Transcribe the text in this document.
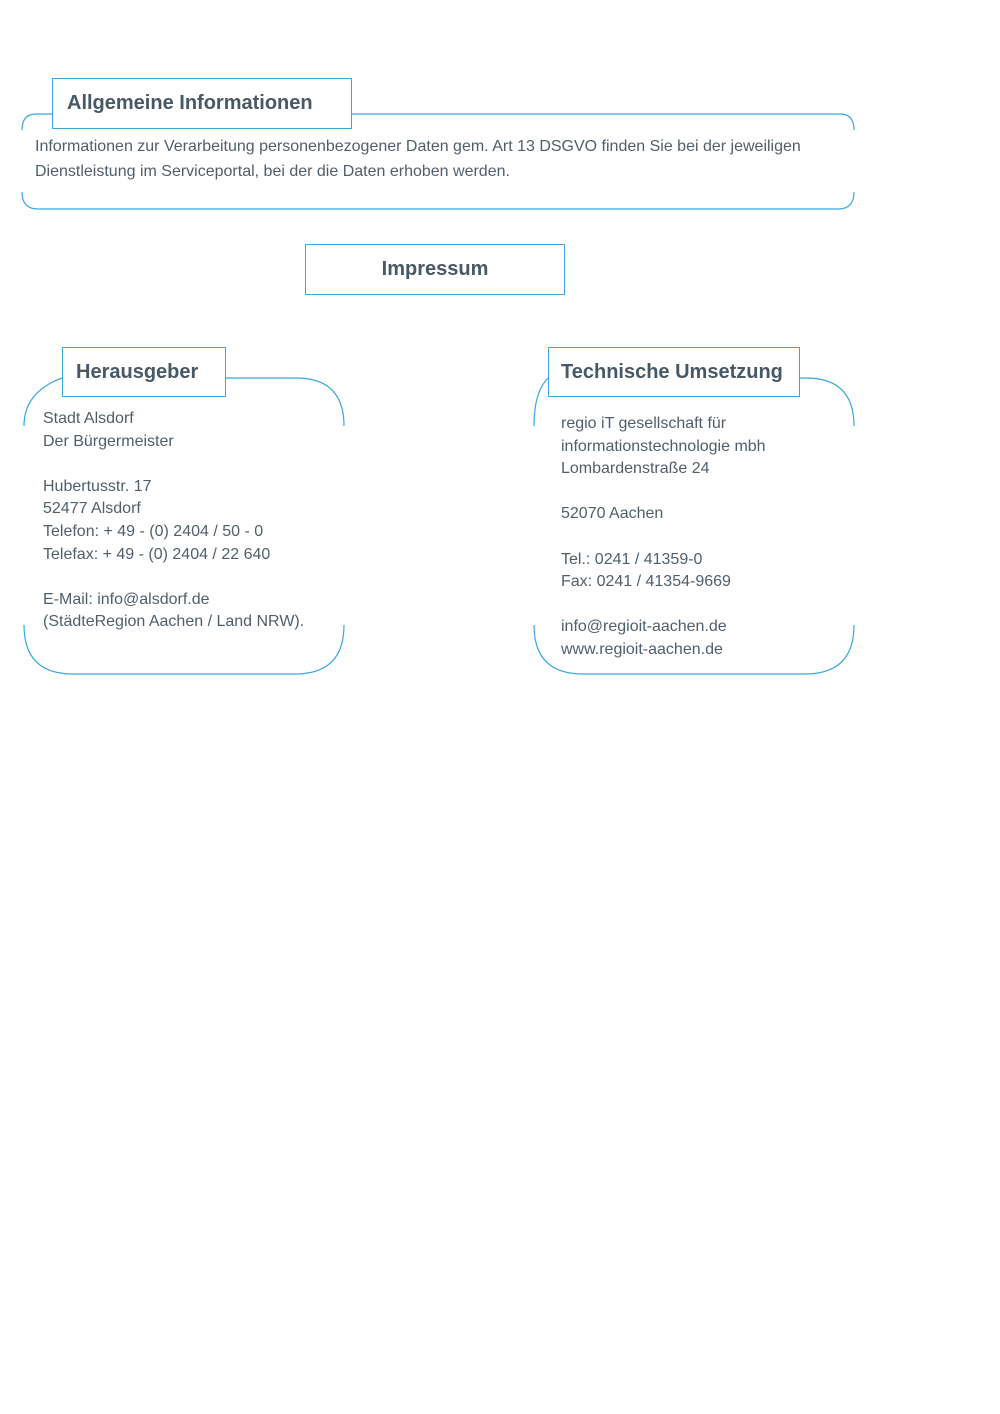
Allgemeine Informationen
Informationen zur Verarbeitung personenbezogener Daten gem. Art 13 DSGVO finden Sie bei der jeweiligen Dienstleistung im Serviceportal, bei der die Daten erhoben werden.
Impressum
Herausgeber
Stadt Alsdorf
Der Bürgermeister
Hubertusstr. 17
52477 Alsdorf
Telefon: + 49 - (0) 2404 / 50 - 0
Telefax: + 49 - (0) 2404 / 22 640
E-Mail: info@alsdorf.de
(StädteRegion Aachen / Land NRW).
Technische Umsetzung
regio iT gesellschaft für
informationstechnologie mbh
Lombardenstraße 24
52070 Aachen
Tel.: 0241 / 41359-0
Fax: 0241 / 41354-9669
info@regioit-aachen.de
www.regioit-aachen.de
